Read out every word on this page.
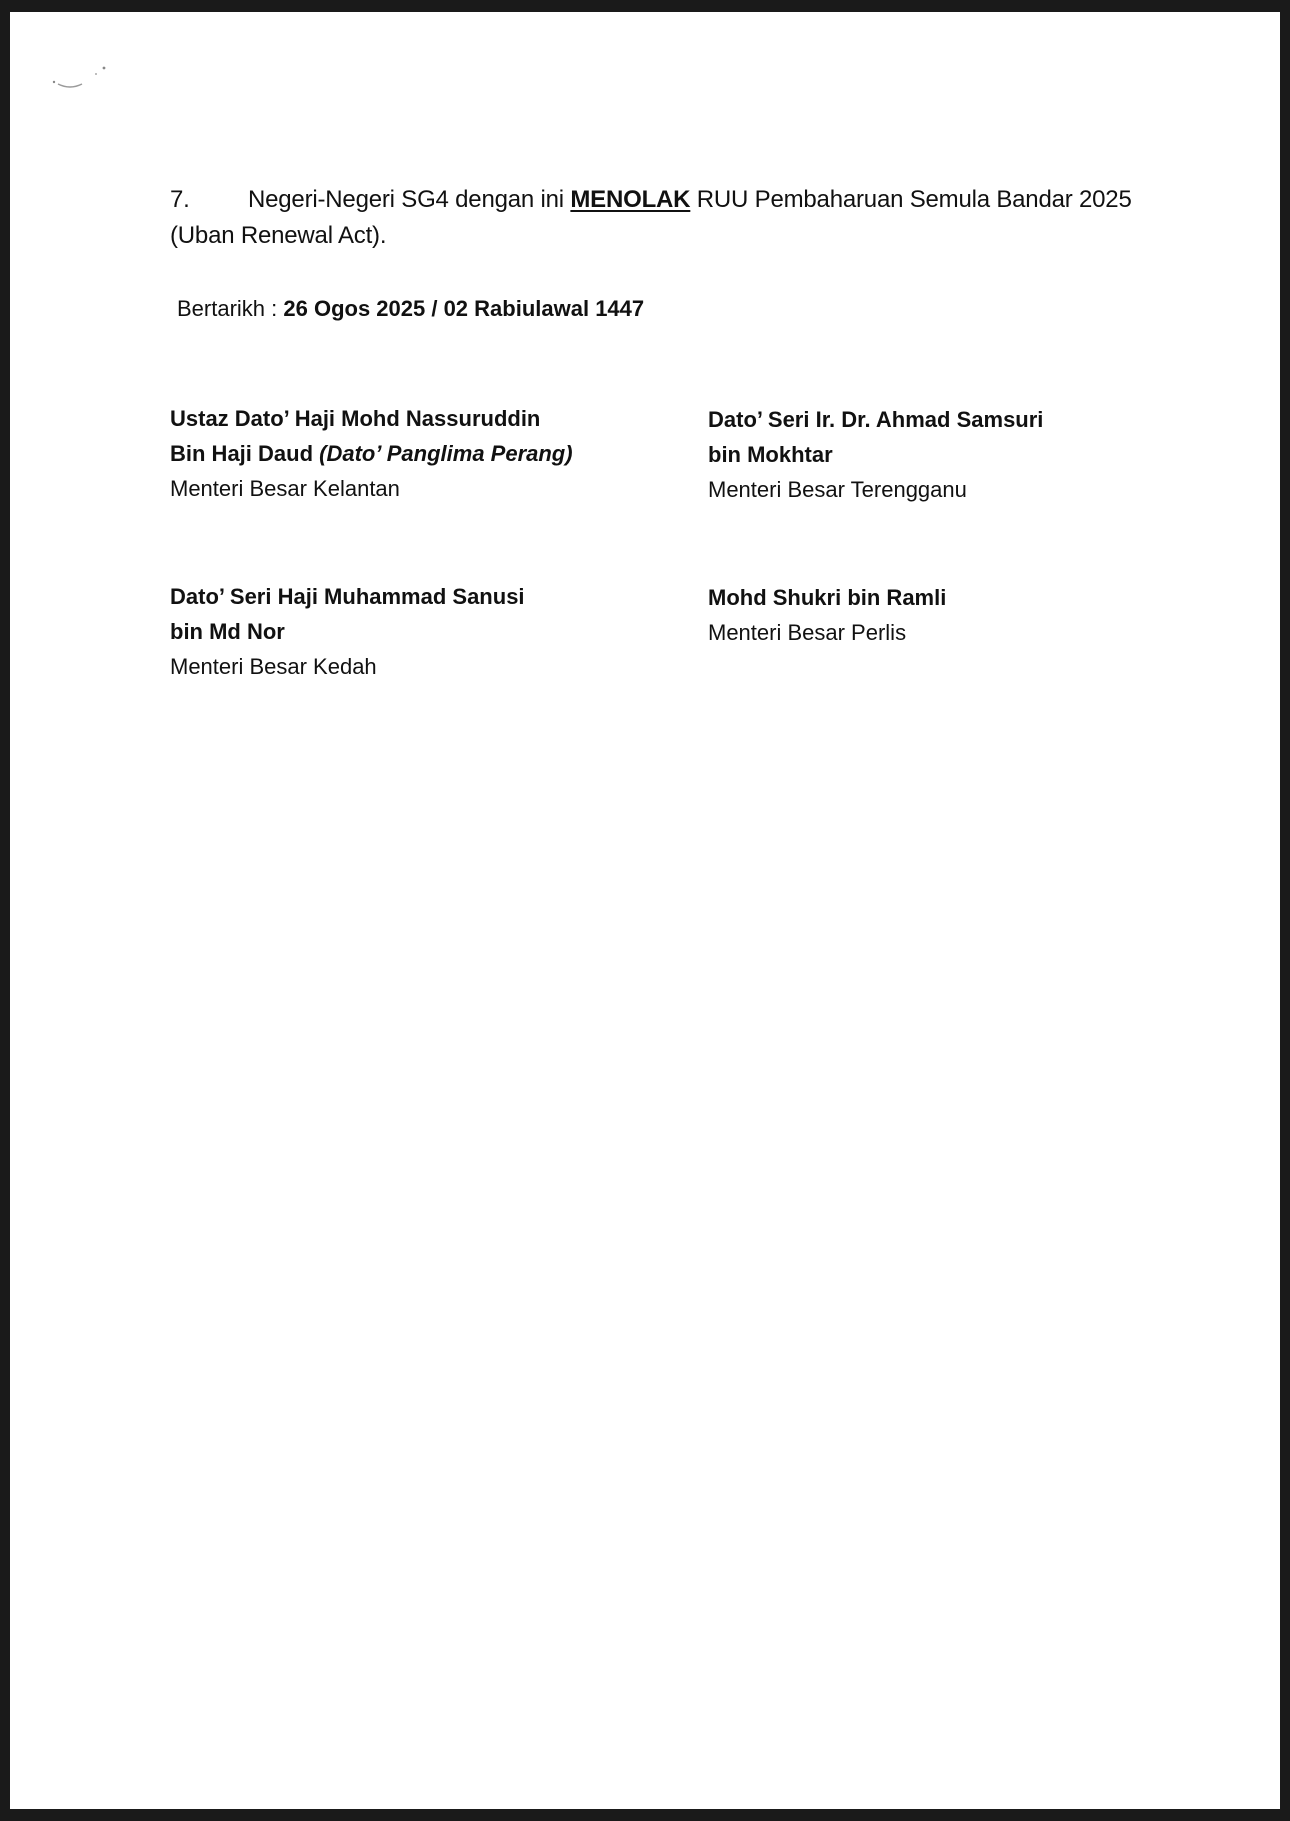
7. Negeri-Negeri SG4 dengan ini MENOLAK RUU Pembaharuan Semula Bandar 2025 (Uban Renewal Act).
Bertarikh : 26 Ogos 2025 / 02 Rabiulawal 1447
Ustaz Dato’ Haji Mohd Nassuruddin
Bin Haji Daud (Dato’ Panglima Perang)
Menteri Besar Kelantan
Dato’ Seri Ir. Dr. Ahmad Samsuri
bin Mokhtar
Menteri Besar Terengganu
Dato’ Seri Haji Muhammad Sanusi
bin Md Nor
Menteri Besar Kedah
Mohd Shukri bin Ramli
Menteri Besar Perlis
